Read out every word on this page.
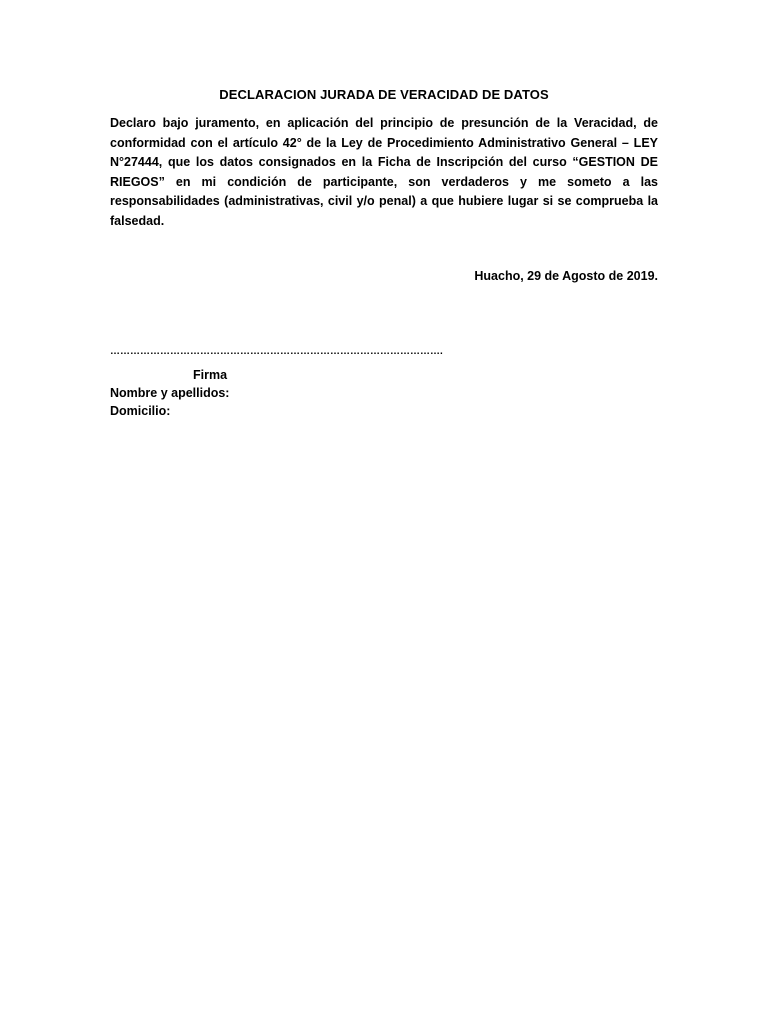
DECLARACION JURADA DE VERACIDAD DE DATOS

Declaro bajo juramento, en aplicación del principio de presunción de la Veracidad, de conformidad con el artículo 42° de la Ley de Procedimiento Administrativo General – LEY N°27444, que los datos consignados en la Ficha de Inscripción del curso “GESTION DE RIEGOS” en mi condición de participante, son verdaderos y me someto a las responsabilidades (administrativas, civil y/o penal) a que hubiere lugar si se comprueba la falsedad.

Huacho, 29 de Agosto de 2019.
……………………………………………………………………………………….
Firma
Nombre y apellidos:
Domicilio:
